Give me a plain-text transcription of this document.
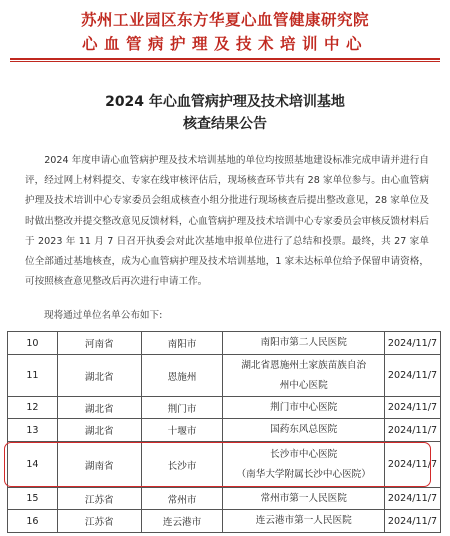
苏州工业园区东方华夏心血管健康研究院
心血管病护理及技术培训中心
2024 年心血管病护理及技术培训基地
核查结果公告
2024 年度申请心血管病护理及技术培训基地的单位均按照基地建设标准完成申请并进行自评，经过网上材料提交、专家在线审核评估后，现场核查环节共有 28 家单位参与。由心血管病护理及技术培训中心专家委员会组成核查小组分批进行现场核查后提出整改意见，28 家单位及时做出整改并提交整改意见反馈材料，心血管病护理及技术培训中心专家委员会审核反馈材料后于 2023 年 11 月 7 日召开执委会对此次基地申报单位进行了总结和投票。最终，共 27 家单位全部通过基地核查，成为心血管病护理及技术培训基地，1 家未达标单位给予保留申请资格，可按照核查意见整改后再次进行申请工作。
现将通过单位名单公布如下:
10	河南省	南阳市	南阳市第二人民医院	2024/11/7
11	湖北省	恩施州	湖北省恩施州土家族苗族自治
州中心医院	2024/11/7
12	湖北省	荆门市	荆门市中心医院	2024/11/7
13	湖北省	十堰市	国药东风总医院	2024/11/7
14	湖南省	长沙市	长沙市中心医院
（南华大学附属长沙中心医院）	2024/11/7
15	江苏省	常州市	常州市第一人民医院	2024/11/7
16	江苏省	连云港市	连云港市第一人民医院	2024/11/7
